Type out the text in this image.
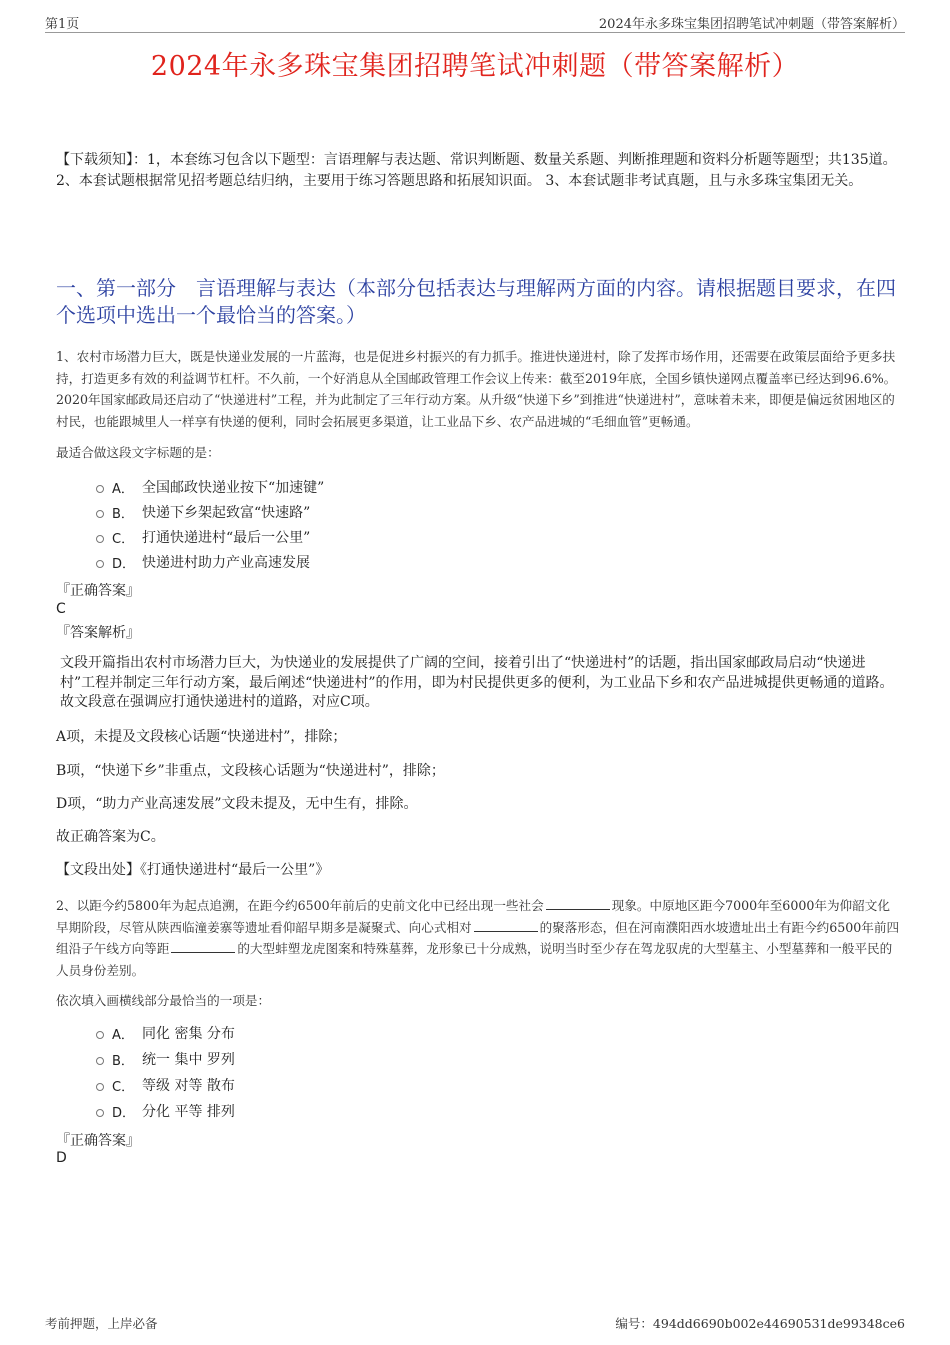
第1页	2024年永多珠宝集团招聘笔试冲刺题（带答案解析）
2024年永多珠宝集团招聘笔试冲刺题（带答案解析）
【下载须知】：1，本套练习包含以下题型：言语理解与表达题、常识判断题、数量关系题、判断推理题和资料分析题等题型；共135道。 2、本套试题根据常见招考题总结归纳，主要用于练习答题思路和拓展知识面。 3、本套试题非考试真题，且与永多珠宝集团无关。
一、第一部分　言语理解与表达（本部分包括表达与理解两方面的内容。请根据题目要求，在四个选项中选出一个最恰当的答案。）
1、农村市场潜力巨大，既是快递业发展的一片蓝海，也是促进乡村振兴的有力抓手。推进快递进村，除了发挥市场作用，还需要在政策层面给予更多扶持，打造更多有效的利益调节杠杆。不久前，一个好消息从全国邮政管理工作会议上传来：截至2019年底，全国乡镇快递网点覆盖率已经达到96.6%。2020年国家邮政局还启动了“快递进村”工程，并为此制定了三年行动方案。从升级“快递下乡”到推进“快递进村”，意味着未来，即便是偏远贫困地区的村民，也能跟城里人一样享有快递的便利，同时会拓展更多渠道，让工业品下乡、农产品进城的“毛细血管”更畅通。
最适合做这段文字标题的是：
A． 全国邮政快递业按下“加速键”
B． 快递下乡架起致富“快速路”
C． 打通快递进村“最后一公里”
D． 快递进村助力产业高速发展
『正确答案』
C
『答案解析』
文段开篇指出农村市场潜力巨大，为快递业的发展提供了广阔的空间，接着引出了“快递进村”的话题，指出国家邮政局启动“快递进村”工程并制定三年行动方案，最后阐述“快递进村”的作用，即为村民提供更多的便利，为工业品下乡和农产品进城提供更畅通的道路。故文段意在强调应打通快递进村的道路，对应C项。
A项，未提及文段核心话题“快递进村”，排除；
B项，“快递下乡”非重点，文段核心话题为“快递进村”，排除；
D项，“助力产业高速发展”文段未提及，无中生有，排除。
故正确答案为C。
【文段出处】《打通快递进村“最后一公里”》
2、以距今约5800年为起点追溯，在距今约6500年前后的史前文化中已经出现一些社会	现象。中原地区距今7000年至6000年为仰韶文化早期阶段，尽管从陕西临潼姜寨等遗址看仰韶早期多是凝聚式、向心式相对	的聚落形态，但在河南濮阳西水坡遗址出土有距今约6500年前四组沿子午线方向等距	的大型蚌塑龙虎图案和特殊墓葬，龙形象已十分成熟，说明当时至少存在驾龙驭虎的大型墓主、小型墓葬和一般平民的人员身份差别。
依次填入画横线部分最恰当的一项是：
A． 同化 密集 分布
B． 统一 集中 罗列
C． 等级 对等 散布
D． 分化 平等 排列
『正确答案』
D
考前押题，上岸必备	编号：494dd6690b002e44690531de99348ce6
